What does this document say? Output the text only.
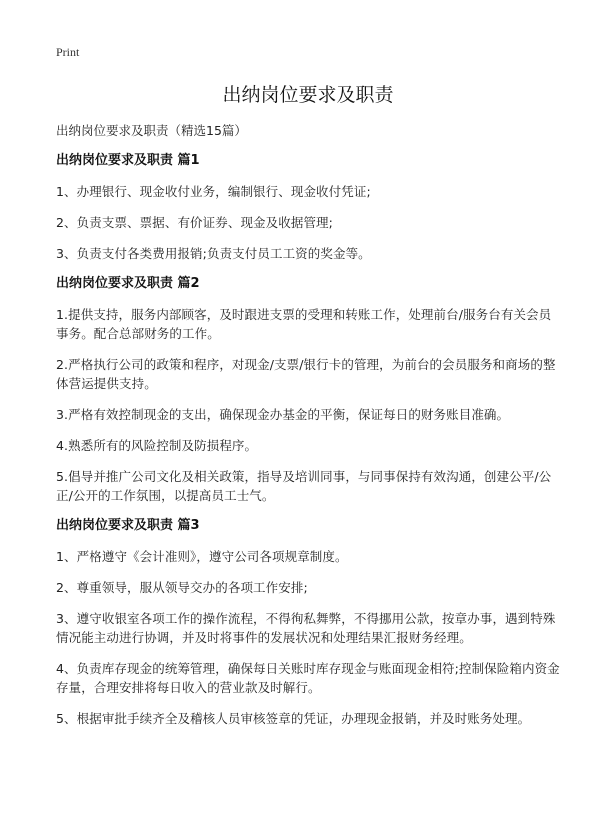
Print
出纳岗位要求及职责
出纳岗位要求及职责（精选15篇）
出纳岗位要求及职责 篇1
1、办理银行、现金收付业务，编制银行、现金收付凭证;
2、负责支票、票据、有价证券、现金及收据管理;
3、负责支付各类费用报销;负责支付员工工资的奖金等。
出纳岗位要求及职责 篇2
1.提供支持，服务内部顾客，及时跟进支票的受理和转账工作，处理前台/服务台有关会员事务。配合总部财务的工作。
2.严格执行公司的政策和程序，对现金/支票/银行卡的管理，为前台的会员服务和商场的整体营运提供支持。
3.严格有效控制现金的支出，确保现金办基金的平衡，保证每日的财务账目准确。
4.熟悉所有的风险控制及防损程序。
5.倡导并推广公司文化及相关政策，指导及培训同事，与同事保持有效沟通，创建公平/公正/公开的工作氛围，以提高员工士气。
出纳岗位要求及职责 篇3
1、严格遵守《会计准则》，遵守公司各项规章制度。
2、尊重领导，服从领导交办的各项工作安排;
3、遵守收银室各项工作的操作流程，不得徇私舞弊，不得挪用公款，按章办事，遇到特殊情况能主动进行协调，并及时将事件的发展状况和处理结果汇报财务经理。
4、负责库存现金的统筹管理，确保每日关账时库存现金与账面现金相符;控制保险箱内资金存量，合理安排将每日收入的营业款及时解行。
5、根据审批手续齐全及稽核人员审核签章的凭证，办理现金报销，并及时账务处理。
